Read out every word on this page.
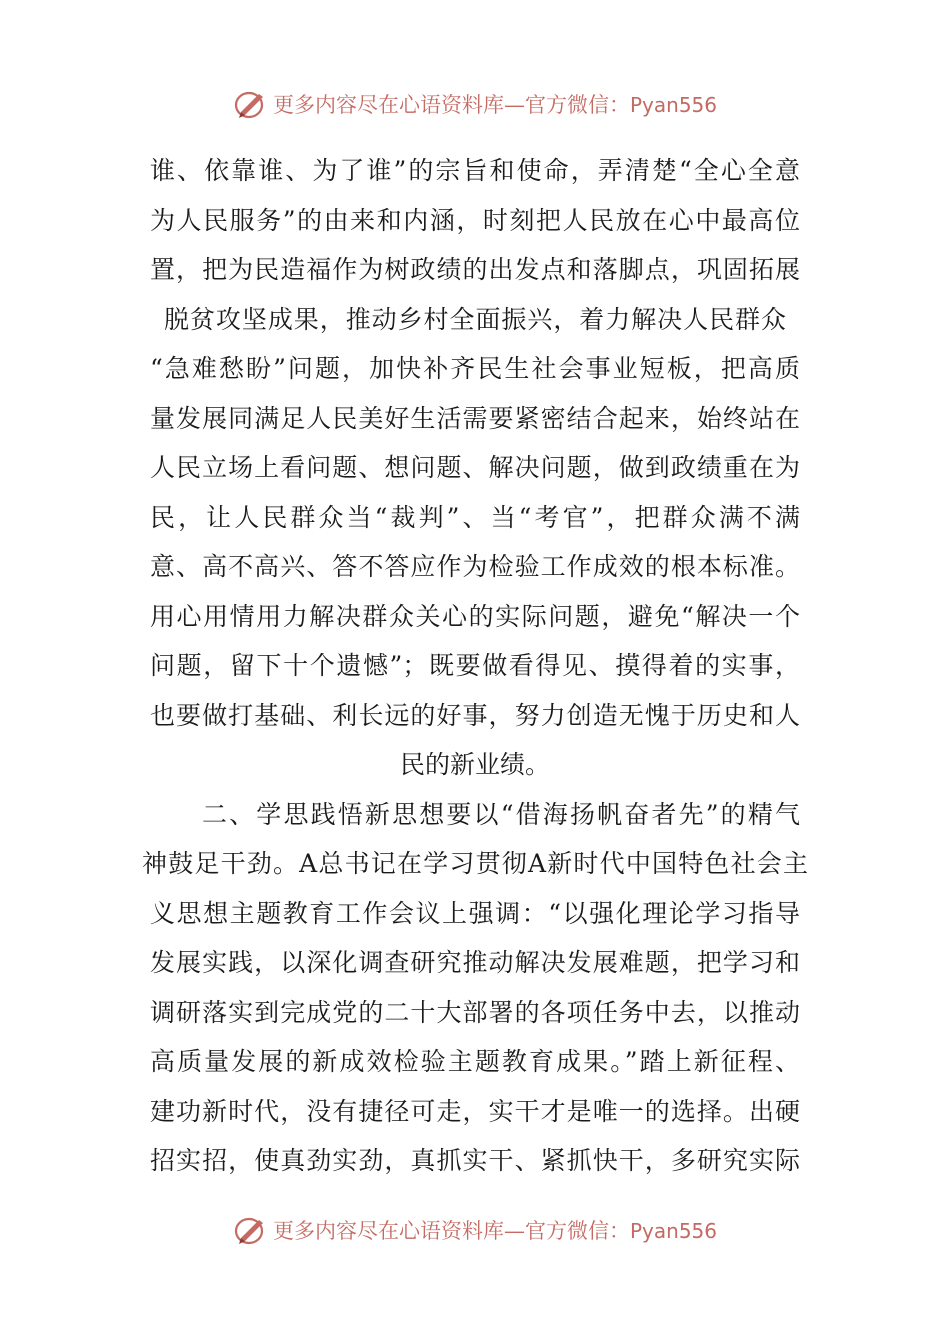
更多内容尽在心语资料库—官方微信：Pyan556
谁、依靠谁、为了谁”的宗旨和使命，弄清楚“全心全意
为人民服务”的由来和内涵，时刻把人民放在心中最高位
置，把为民造福作为树政绩的出发点和落脚点，巩固拓展
脱贫攻坚成果，推动乡村全面振兴，着力解决人民群众
“急难愁盼”问题，加快补齐民生社会事业短板，把高质
量发展同满足人民美好生活需要紧密结合起来，始终站在
人民立场上看问题、想问题、解决问题，做到政绩重在为
民，让人民群众当“裁判”、当“考官”，把群众满不满
意、高不高兴、答不答应作为检验工作成效的根本标准。
用心用情用力解决群众关心的实际问题，避免“解决一个
问题，留下十个遗憾”；既要做看得见、摸得着的实事，
也要做打基础、利长远的好事，努力创造无愧于历史和人
民的新业绩。
二、学思践悟新思想要以“借海扬帆奋者先”的精气
神鼓足干劲。A总书记在学习贯彻A新时代中国特色社会主
义思想主题教育工作会议上强调：“以强化理论学习指导
发展实践，以深化调查研究推动解决发展难题，把学习和
调研落实到完成党的二十大部署的各项任务中去，以推动
高质量发展的新成效检验主题教育成果。”踏上新征程、
建功新时代，没有捷径可走，实干才是唯一的选择。出硬
招实招，使真劲实劲，真抓实干、紧抓快干，多研究实际
更多内容尽在心语资料库—官方微信：Pyan556
